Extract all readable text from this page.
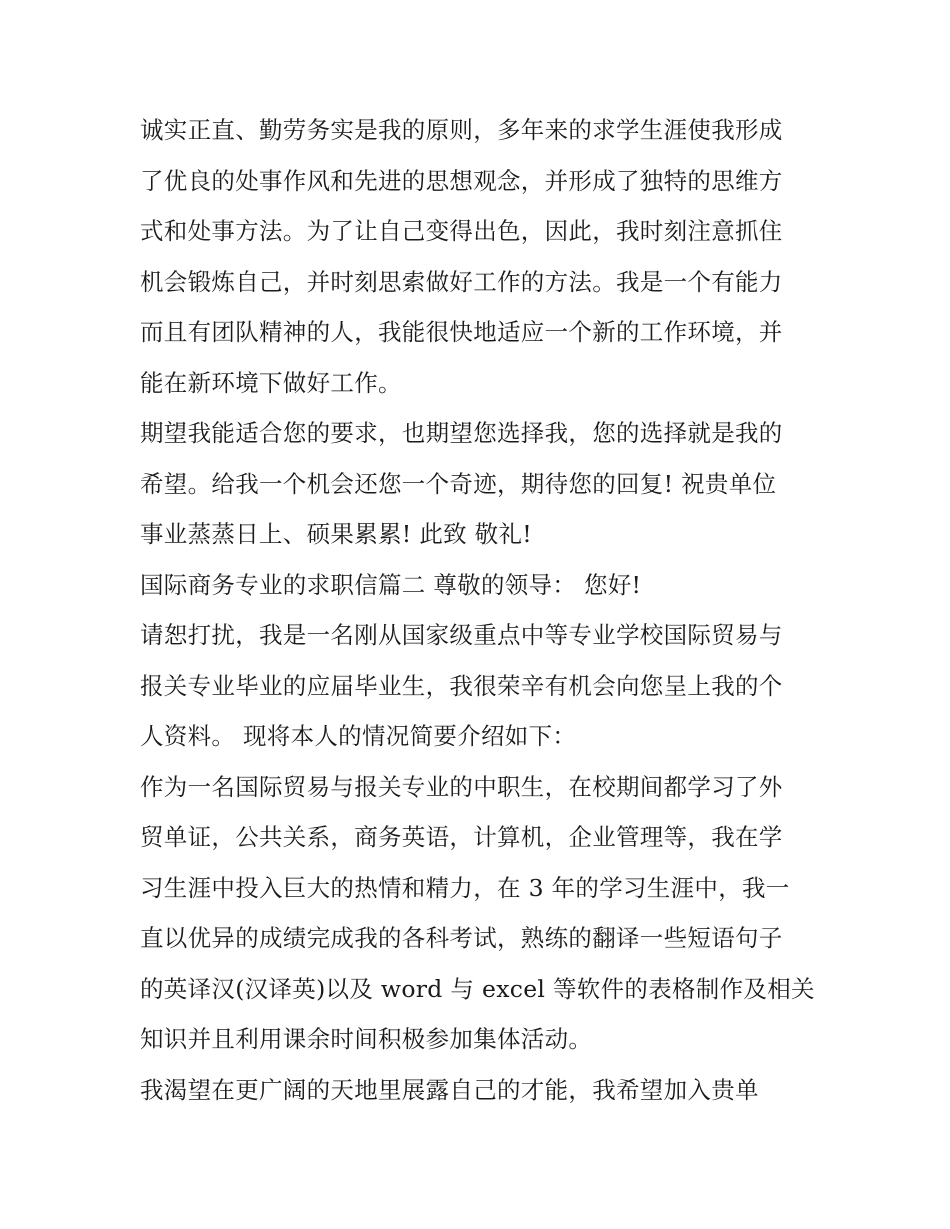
诚实正直、勤劳务实是我的原则，多年来的求学生涯使我形成
了优良的处事作风和先进的思想观念，并形成了独特的思维方
式和处事方法。为了让自己变得出色，因此，我时刻注意抓住
机会锻炼自己，并时刻思索做好工作的方法。我是一个有能力
而且有团队精神的人，我能很快地适应一个新的工作环境，并
能在新环境下做好工作。
期望我能适合您的要求，也期望您选择我，您的选择就是我的
希望。给我一个机会还您一个奇迹，期待您的回复! 祝贵单位
事业蒸蒸日上、硕果累累! 此致 敬礼!
国际商务专业的求职信篇二 尊敬的领导： 您好!
请恕打扰，我是一名刚从国家级重点中等专业学校国际贸易与
报关专业毕业的应届毕业生，我很荣辛有机会向您呈上我的个
人资料。 现将本人的情况简要介绍如下：
作为一名国际贸易与报关专业的中职生，在校期间都学习了外
贸单证，公共关系，商务英语，计算机，企业管理等，我在学
习生涯中投入巨大的热情和精力，在 3 年的学习生涯中，我一
直以优异的成绩完成我的各科考试，熟练的翻译一些短语句子
的英译汉(汉译英)以及 word 与 excel 等软件的表格制作及相关
知识并且利用课余时间积极参加集体活动。
我渴望在更广阔的天地里展露自己的才能，我希望加入贵单
